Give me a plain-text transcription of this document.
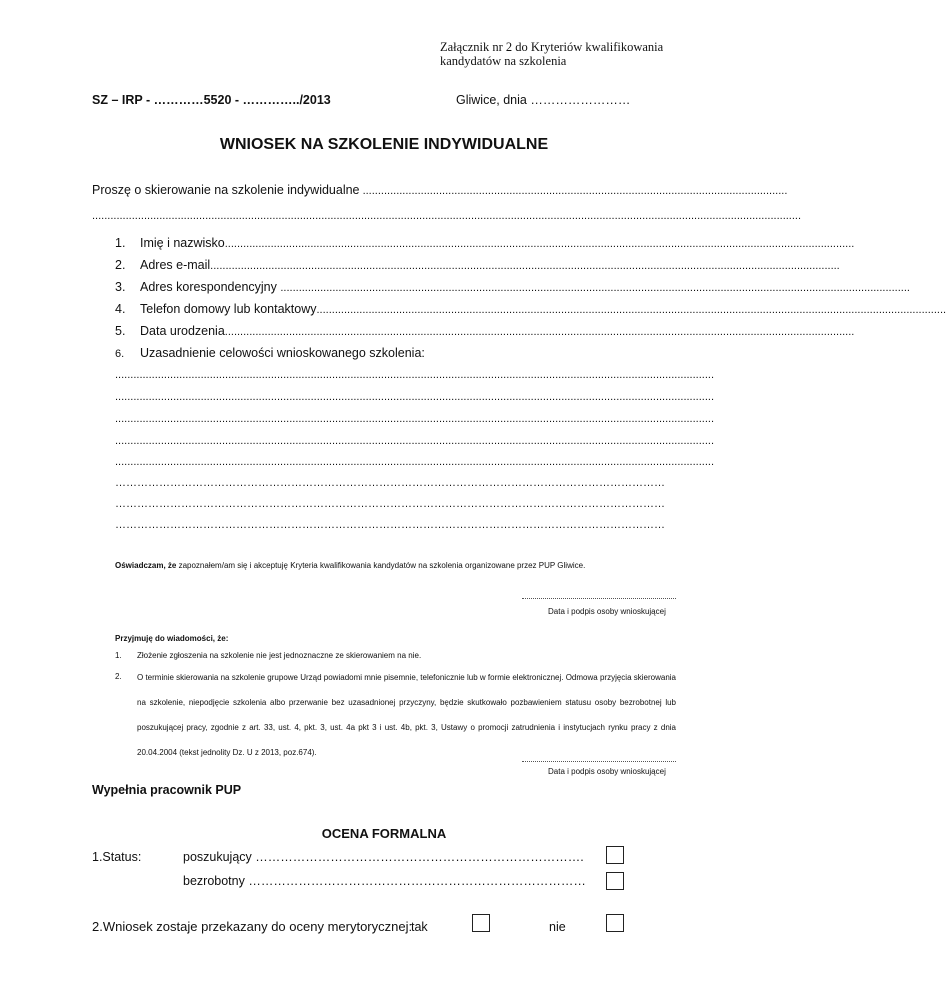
Załącznik nr 2 do Kryteriów kwalifikowania
kandydatów na szkolenia
SZ – IRP - …………5520 - …………../2013	Gliwice, dnia ……………………
WNIOSEK NA SZKOLENIE INDYWIDUALNE
Proszę o skierowanie na szkolenie indywidualne ...........................................................................................................................................
........................................................................................................................................................................................................................................
1. Imię i nazwisko..............................................................................................................................................................................................................
2. Adres e-mail..............................................................................................................................................................................................................
3. Adres korespondencyjny ..............................................................................................................................................................................................................
4. Telefon domowy lub kontaktowy..............................................................................................................................................................................................................
5. Data urodzenia..............................................................................................................................................................................................................
6. Uzasadnienie celowości wnioskowanego szkolenia:
....................................................................................................................................................................................................
....................................................................................................................................................................................................
....................................................................................................................................................................................................
....................................................................................................................................................................................................
....................................................................................................................................................................................................
……………………………………………………………………………………………………………………………………
……………………………………………………………………………………………………………………………………
……………………………………………………………………………………………………………………………………
Oświadczam, że zapoznałem/am się i akceptuję Kryteria kwalifikowania kandydatów na szkolenia organizowane przez PUP Gliwice.
Data i podpis osoby wnioskującej
Przyjmuję do wiadomości, że:
1. Złożenie zgłoszenia na szkolenie nie jest jednoznaczne ze skierowaniem na nie.
2. O terminie skierowania na szkolenie grupowe Urząd powiadomi mnie pisemnie, telefonicznie lub w formie elektronicznej. Odmowa przyjęcia skierowania na szkolenie, niepodjęcie szkolenia albo przerwanie bez uzasadnionej przyczyny, będzie skutkowało pozbawieniem statusu osoby bezrobotnej lub poszukującej pracy, zgodnie z art. 33, ust. 4, pkt. 3, ust. 4a pkt 3 i ust. 4b, pkt. 3, Ustawy o promocji zatrudnienia i instytucjach rynku pracy z dnia 20.04.2004 (tekst jednolity Dz. U z 2013, poz.674).
Data i podpis osoby wnioskującej
Wypełnia pracownik PUP
OCENA FORMALNA
1.Status:	poszukujący …………………………………………………………………….
bezrobotny ………………………………………………………………………
2.Wniosek zostaje przekazany do oceny merytorycznej:
tak	nie
